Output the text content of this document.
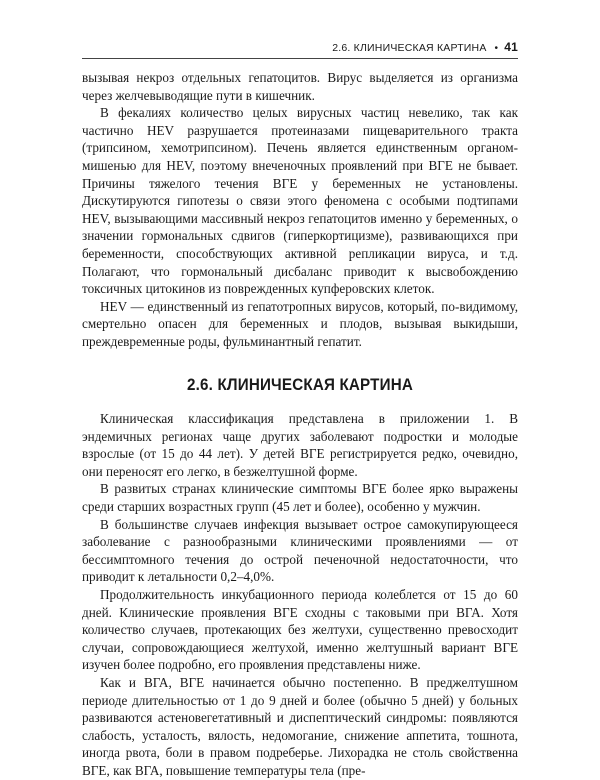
2.6. КЛИНИЧЕСКАЯ КАРТИНА • 41

вызывая некроз отдельных гепатоцитов. Вирус выделяется из организма через желчевыводящие пути в кишечник.

В фекалиях количество целых вирусных частиц невелико, так как частично HEV разрушается протеиназами пищеварительного тракта (трипсином, хемотрипсином). Печень является единственным органом-мишенью для HEV, поэтому внеченочных проявлений при ВГЕ не бывает. Причины тяжелого течения ВГЕ у беременных не установлены. Дискутируются гипотезы о связи этого феномена с особыми подтипами HEV, вызывающими массивный некроз гепатоцитов именно у беременных, о значении гормональных сдвигов (гиперкортицизме), развивающихся при беременности, способствующих активной репликации вируса, и т.д. Полагают, что гормональный дисбаланс приводит к высвобождению токсичных цитокинов из поврежденных купферовских клеток.

HEV — единственный из гепатотропных вирусов, который, по-видимому, смертельно опасен для беременных и плодов, вызывая выкидыши, преждевременные роды, фульминантный гепатит.

2.6. КЛИНИЧЕСКАЯ КАРТИНА

Клиническая классификация представлена в приложении 1. В эндемичных регионах чаще других заболевают подростки и молодые взрослые (от 15 до 44 лет). У детей ВГЕ регистрируется редко, очевидно, они переносят его легко, в безжелтушной форме.

В развитых странах клинические симптомы ВГЕ более ярко выражены среди старших возрастных групп (45 лет и более), особенно у мужчин.

В большинстве случаев инфекция вызывает острое самокупирующееся заболевание с разнообразными клиническими проявлениями — от бессимптомного течения до острой печеночной недостаточности, что приводит к летальности 0,2–4,0%.

Продолжительность инкубационного периода колеблется от 15 до 60 дней. Клинические проявления ВГЕ сходны с таковыми при ВГА. Хотя количество случаев, протекающих без желтухи, существенно превосходит случаи, сопровождающиеся желтухой, именно желтушный вариант ВГЕ изучен более подробно, его проявления представлены ниже.

Как и ВГА, ВГЕ начинается обычно постепенно. В преджелтушном периоде длительностью от 1 до 9 дней и более (обычно 5 дней) у больных развиваются астеновегетативный и диспептический синдромы: появляются слабость, усталость, вялость, недомогание, снижение аппетита, тошнота, иногда рвота, боли в правом подреберье. Лихорадка не столь свойственна ВГЕ, как ВГА, повышение температуры тела (пре-
